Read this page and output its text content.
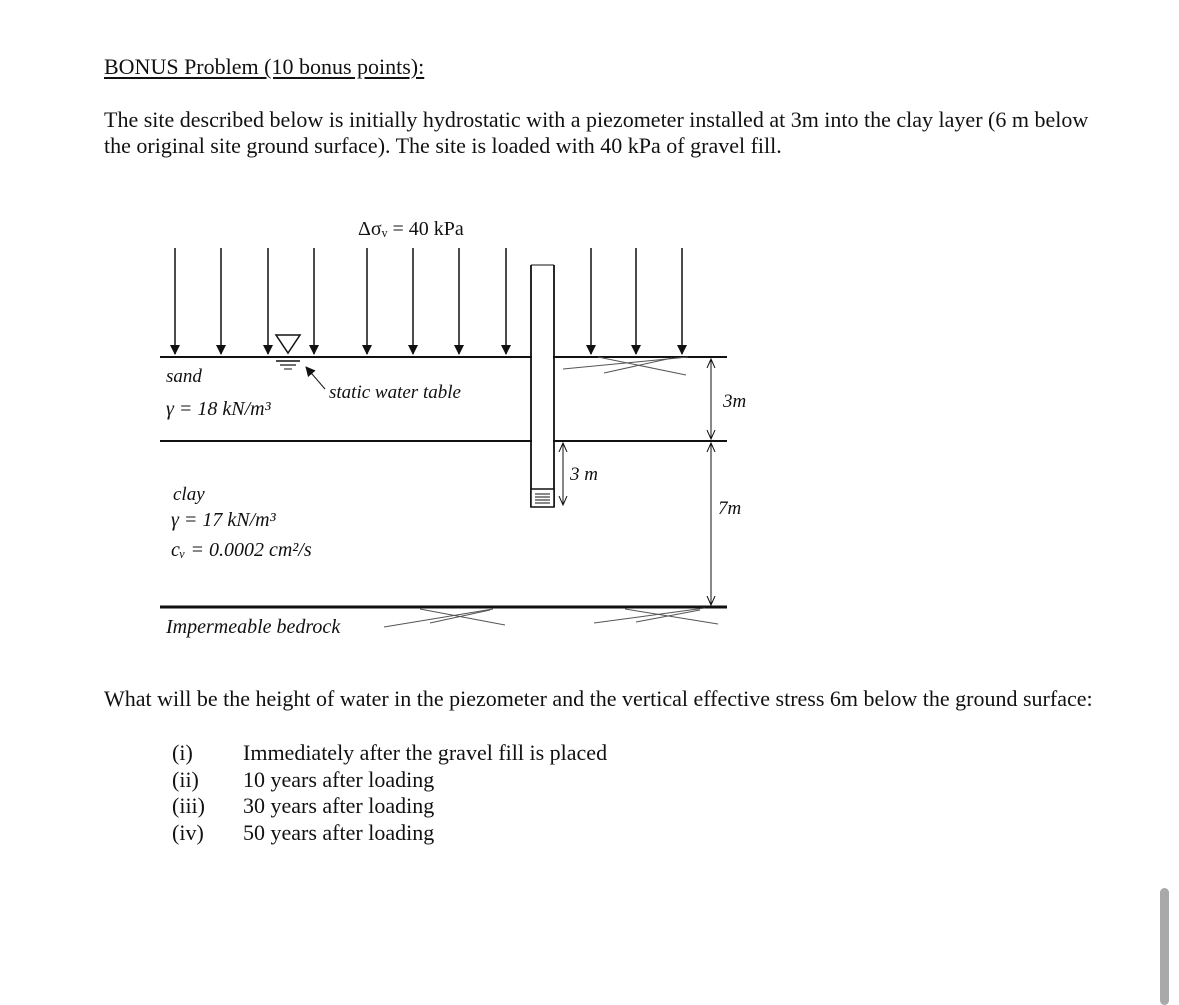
BONUS Problem (10 bonus points):

The site described below is initially hydrostatic with a piezometer installed at 3m into the clay layer (6 m below the original site ground surface). The site is loaded with 40 kPa of gravel fill.

Δσᵥ = 40 kPa
sand
γ = 18 kN/m³
static water table
clay
γ = 17 kN/m³
cᵥ = 0.0002 cm²/s
Impermeable bedrock
3m
7m
3 m

What will be the height of water in the piezometer and the vertical effective stress 6m below the ground surface:

(i)	Immediately after the gravel fill is placed
(ii)	10 years after loading
(iii)	30 years after loading
(iv)	50 years after loading
